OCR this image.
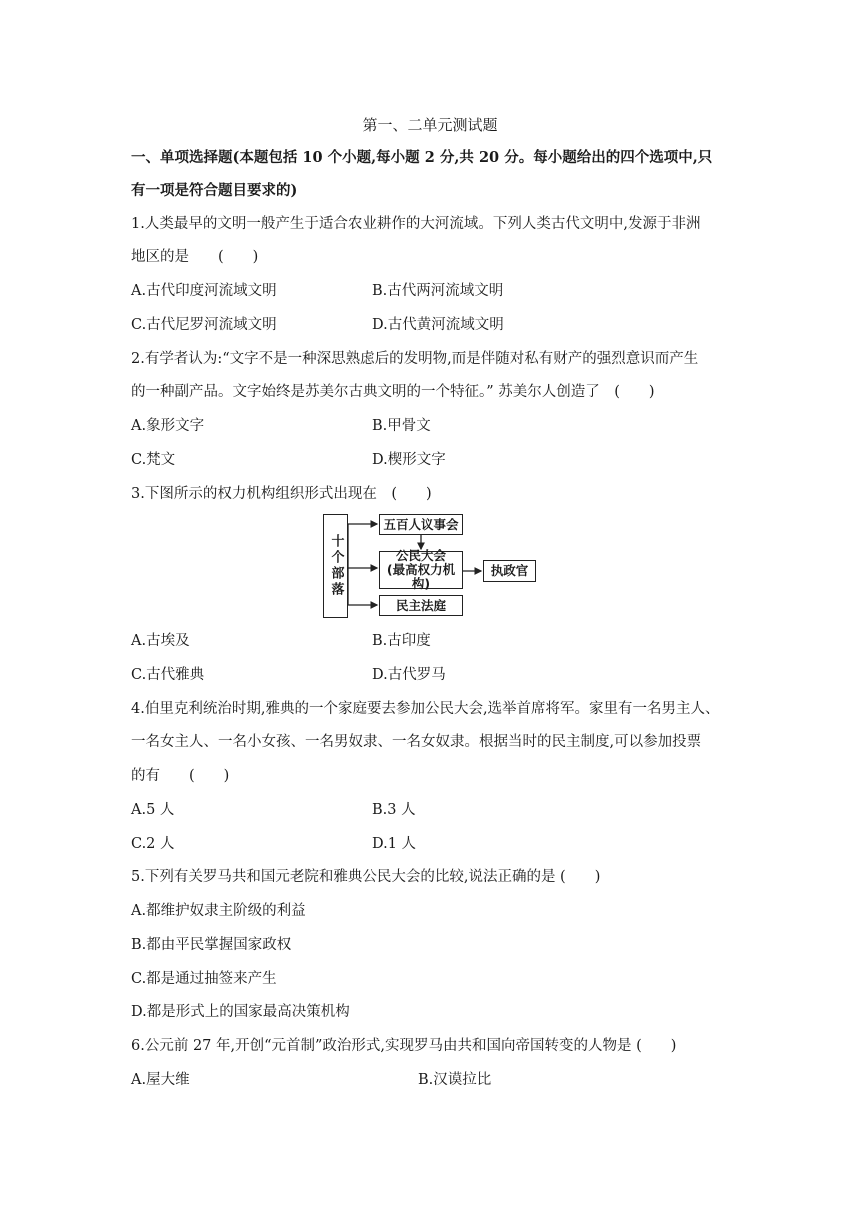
第一、二单元测试题
一、单项选择题(本题包括 10 个小题,每小题 2 分,共 20 分。每小题给出的四个选项中,只
有一项是符合题目要求的)
1.人类最早的文明一般产生于适合农业耕作的大河流域。下列人类古代文明中,发源于非洲
地区的是　　(　　)
A.古代印度河流域文明	B.古代两河流域文明
C.古代尼罗河流域文明	D.古代黄河流域文明
2.有学者认为:“文字不是一种深思熟虑后的发明物,而是伴随对私有财产的强烈意识而产生
的一种副产品。文字始终是苏美尔古典文明的一个特征。” 苏美尔人创造了　(　　)
A.象形文字	B.甲骨文
C.梵文	D.楔形文字
3.下图所示的权力机构组织形式出现在　(　　)
十个部落
五百人议事会
公民大会
(最高权力机构)
民主法庭
执政官
A.古埃及	B.古印度
C.古代雅典	D.古代罗马
4.伯里克利统治时期,雅典的一个家庭要去参加公民大会,选举首席将军。家里有一名男主人、
一名女主人、一名小女孩、一名男奴隶、一名女奴隶。根据当时的民主制度,可以参加投票
的有　　(　　)
A.5 人	B.3 人
C.2 人	D.1 人
5.下列有关罗马共和国元老院和雅典公民大会的比较,说法正确的是 (　　)
A.都维护奴隶主阶级的利益
B.都由平民掌握国家政权
C.都是通过抽签来产生
D.都是形式上的国家最高决策机构
6.公元前 27 年,开创“元首制”政治形式,实现罗马由共和国向帝国转变的人物是 (　　)
A.屋大维	B.汉谟拉比
